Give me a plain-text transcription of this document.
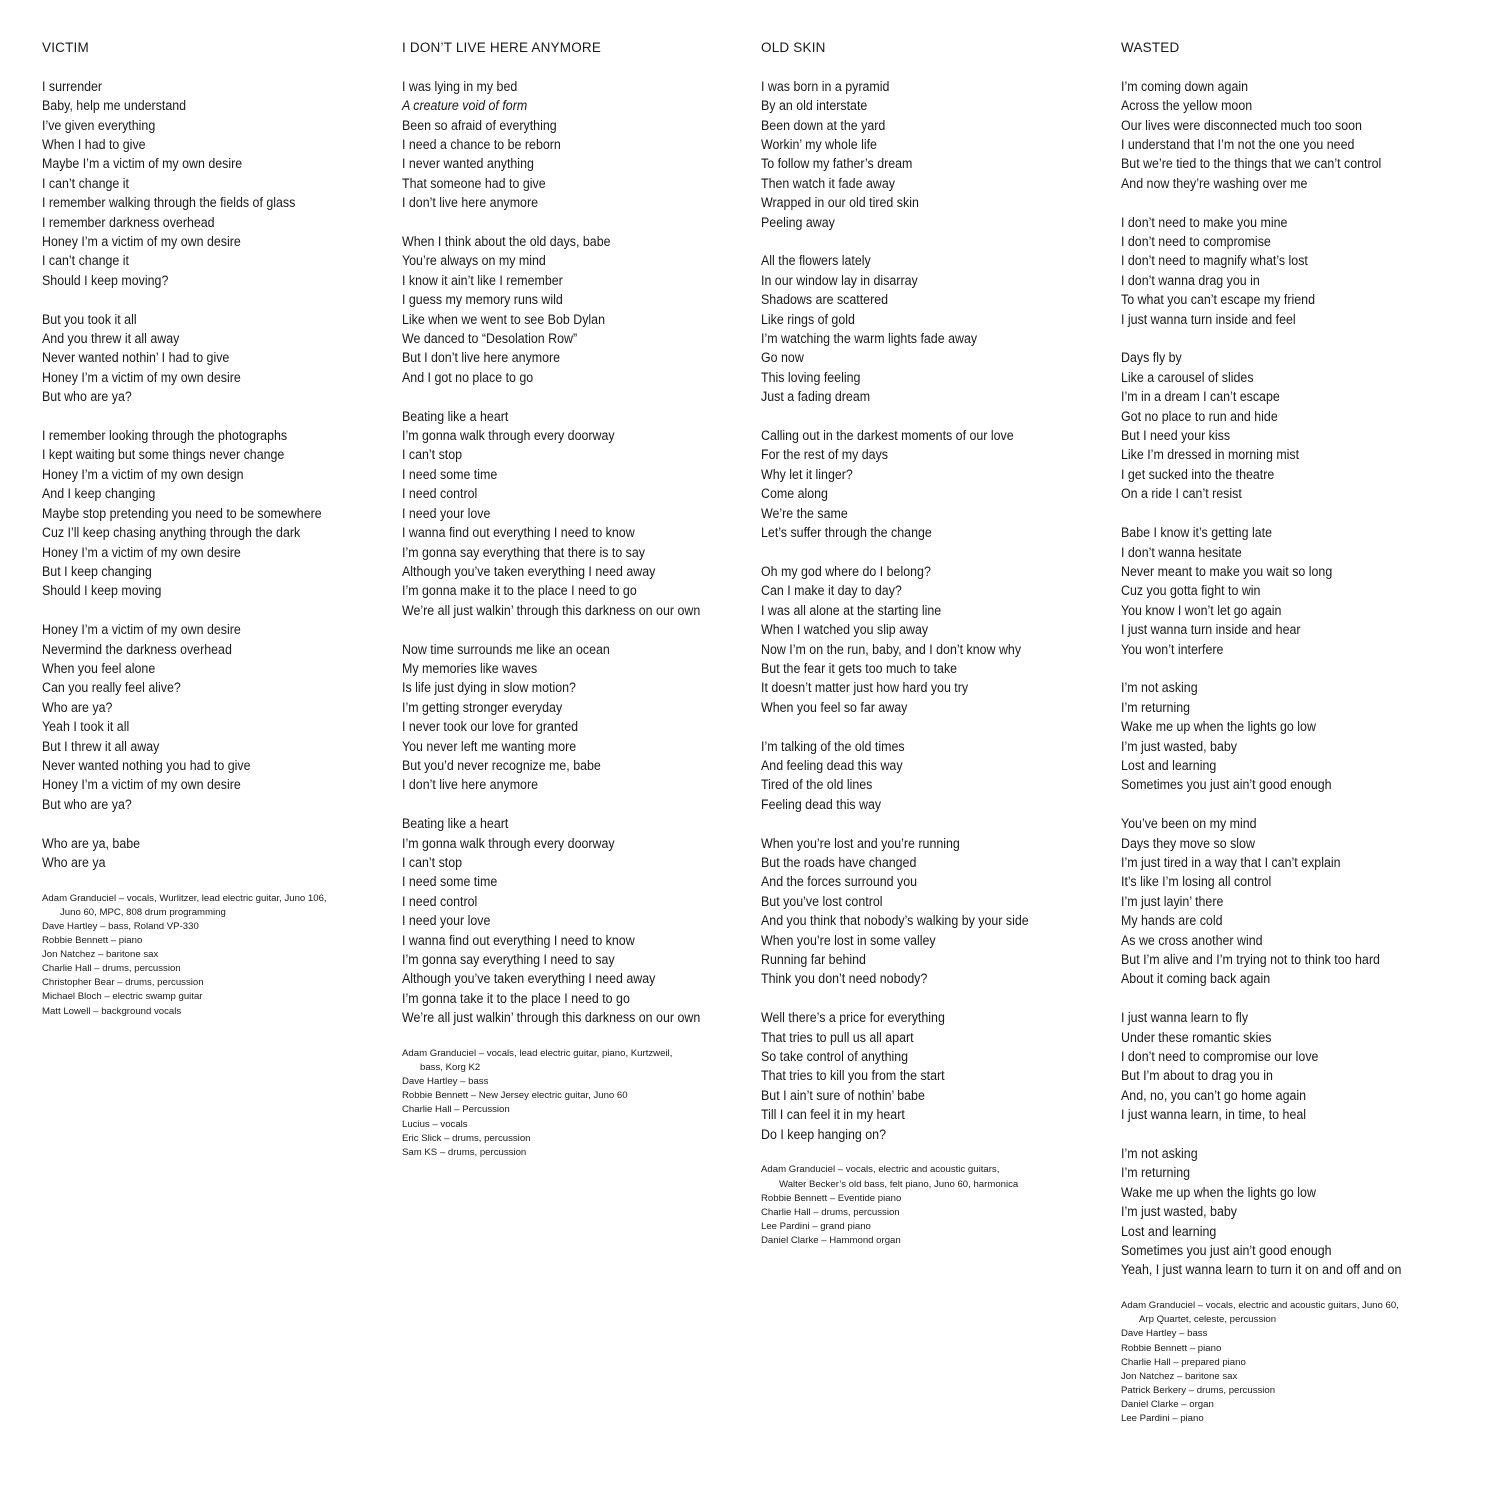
VICTIM
I surrender
Baby, help me understand
I’ve given everything
When I had to give
Maybe I’m a victim of my own desire
I can’t change it
I remember walking through the fields of glass
I remember darkness overhead
Honey I’m a victim of my own desire
I can’t change it
Should I keep moving?
But you took it all
And you threw it all away
Never wanted nothin’ I had to give
Honey I’m a victim of my own desire
But who are ya?
I remember looking through the photographs
I kept waiting but some things never change
Honey I’m a victim of my own design
And I keep changing
Maybe stop pretending you need to be somewhere
Cuz I’ll keep chasing anything through the dark
Honey I’m a victim of my own desire
But I keep changing
Should I keep moving
Honey I’m a victim of my own desire
Nevermind the darkness overhead
When you feel alone
Can you really feel alive?
Who are ya?
Yeah I took it all
But I threw it all away
Never wanted nothing you had to give
Honey I’m a victim of my own desire
But who are ya?
Who are ya, babe
Who are ya
Adam Granduciel – vocals, Wurlitzer, lead electric guitar, Juno 106,
Juno 60, MPC, 808 drum programming
Dave Hartley – bass, Roland VP-330
Robbie Bennett – piano
Jon Natchez – baritone sax
Charlie Hall – drums, percussion
Christopher Bear – drums, percussion
Michael Bloch – electric swamp guitar
Matt Lowell – background vocals
I DON’T LIVE HERE ANYMORE
I was lying in my bed
A creature void of form
Been so afraid of everything
I need a chance to be reborn
I never wanted anything
That someone had to give
I don’t live here anymore
When I think about the old days, babe
You’re always on my mind
I know it ain’t like I remember
I guess my memory runs wild
Like when we went to see Bob Dylan
We danced to “Desolation Row”
But I don’t live here anymore
And I got no place to go
Beating like a heart
I’m gonna walk through every doorway
I can’t stop
I need some time
I need control
I need your love
I wanna find out everything I need to know
I’m gonna say everything that there is to say
Although you’ve taken everything I need away
I’m gonna make it to the place I need to go
We’re all just walkin’ through this darkness on our own
Now time surrounds me like an ocean
My memories like waves
Is life just dying in slow motion?
I’m getting stronger everyday
I never took our love for granted
You never left me wanting more
But you’d never recognize me, babe
I don’t live here anymore
Beating like a heart
I’m gonna walk through every doorway
I can’t stop
I need some time
I need control
I need your love
I wanna find out everything I need to know
I’m gonna say everything I need to say
Although you’ve taken everything I need away
I’m gonna take it to the place I need to go
We’re all just walkin’ through this darkness on our own
Adam Granduciel – vocals, lead electric guitar, piano, Kurtzweil,
bass, Korg K2
Dave Hartley – bass
Robbie Bennett – New Jersey electric guitar, Juno 60
Charlie Hall – Percussion
Lucius – vocals
Eric Slick – drums, percussion
Sam KS – drums, percussion
OLD SKIN
I was born in a pyramid
By an old interstate
Been down at the yard
Workin’ my whole life
To follow my father’s dream
Then watch it fade away
Wrapped in our old tired skin
Peeling away
All the flowers lately
In our window lay in disarray
Shadows are scattered
Like rings of gold
I’m watching the warm lights fade away
Go now
This loving feeling
Just a fading dream
Calling out in the darkest moments of our love
For the rest of my days
Why let it linger?
Come along
We’re the same
Let’s suffer through the change
Oh my god where do I belong?
Can I make it day to day?
I was all alone at the starting line
When I watched you slip away
Now I’m on the run, baby, and I don’t know why
But the fear it gets too much to take
It doesn’t matter just how hard you try
When you feel so far away
I’m talking of the old times
And feeling dead this way
Tired of the old lines
Feeling dead this way
When you’re lost and you’re running
But the roads have changed
And the forces surround you
But you’ve lost control
And you think that nobody’s walking by your side
When you’re lost in some valley
Running far behind
Think you don’t need nobody?
Well there’s a price for everything
That tries to pull us all apart
So take control of anything
That tries to kill you from the start
But I ain’t sure of nothin’ babe
Till I can feel it in my heart
Do I keep hanging on?
Adam Granduciel – vocals, electric and acoustic guitars,
Walter Becker’s old bass, felt piano, Juno 60, harmonica
Robbie Bennett – Eventide piano
Charlie Hall – drums, percussion
Lee Pardini – grand piano
Daniel Clarke – Hammond organ
WASTED
I’m coming down again
Across the yellow moon
Our lives were disconnected much too soon
I understand that I’m not the one you need
But we’re tied to the things that we can’t control
And now they’re washing over me
I don’t need to make you mine
I don’t need to compromise
I don’t need to magnify what’s lost
I don’t wanna drag you in
To what you can’t escape my friend
I just wanna turn inside and feel
Days fly by
Like a carousel of slides
I’m in a dream I can’t escape
Got no place to run and hide
But I need your kiss
Like I’m dressed in morning mist
I get sucked into the theatre
On a ride I can’t resist
Babe I know it’s getting late
I don’t wanna hesitate
Never meant to make you wait so long
Cuz you gotta fight to win
You know I won’t let go again
I just wanna turn inside and hear
You won’t interfere
I’m not asking
I’m returning
Wake me up when the lights go low
I’m just wasted, baby
Lost and learning
Sometimes you just ain’t good enough
You’ve been on my mind
Days they move so slow
I’m just tired in a way that I can’t explain
It’s like I’m losing all control
I’m just layin’ there
My hands are cold
As we cross another wind
But I’m alive and I’m trying not to think too hard
About it coming back again
I just wanna learn to fly
Under these romantic skies
I don’t need to compromise our love
But I’m about to drag you in
And, no, you can’t go home again
I just wanna learn, in time, to heal
I’m not asking
I’m returning
Wake me up when the lights go low
I’m just wasted, baby
Lost and learning
Sometimes you just ain’t good enough
Yeah, I just wanna learn to turn it on and off and on
Adam Granduciel – vocals, electric and acoustic guitars, Juno 60,
Arp Quartet, celeste, percussion
Dave Hartley – bass
Robbie Bennett – piano
Charlie Hall – prepared piano
Jon Natchez – baritone sax
Patrick Berkery – drums, percussion
Daniel Clarke – organ
Lee Pardini – piano
